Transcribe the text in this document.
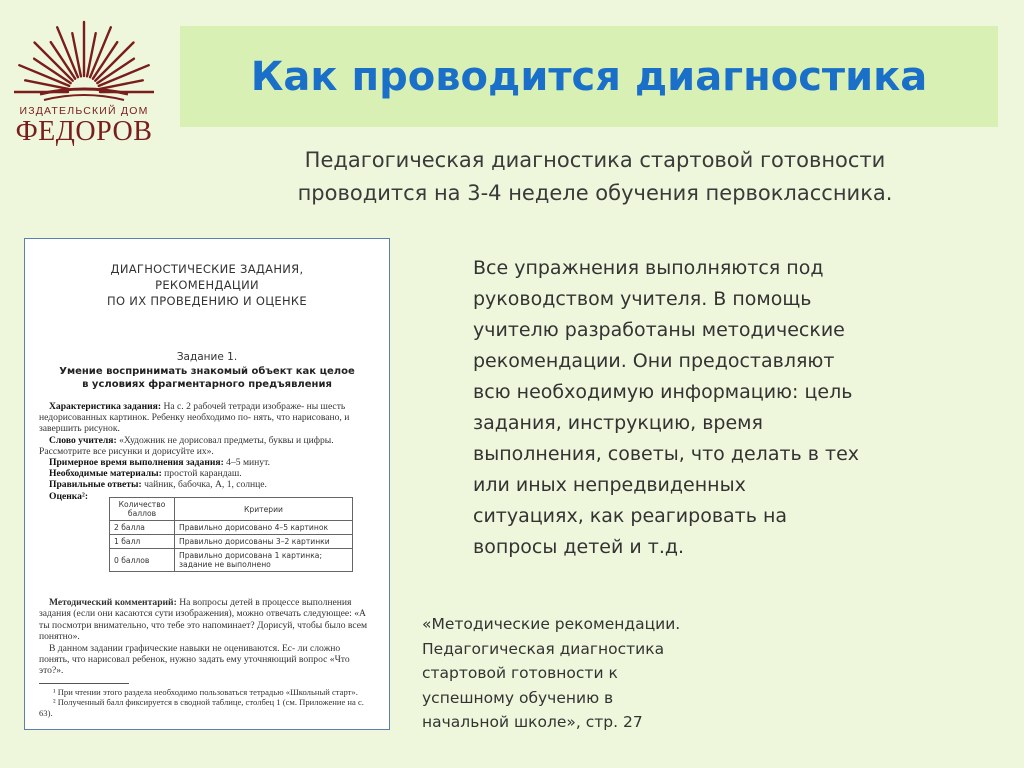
ИЗДАТЕЛЬСКИЙ ДОМ
ФЕДОРОВ
Как проводится диагностика
Педагогическая диагностика стартовой готовности
проводится на 3-4 неделе обучения первоклассника.
ДИАГНОСТИЧЕСКИЕ ЗАДАНИЯ,
РЕКОМЕНДАЦИИ
ПО ИХ ПРОВЕДЕНИЮ И ОЦЕНКЕ
Задание 1.
Умение воспринимать знакомый объект как целое
в условиях фрагментарного предъявления

Характеристика задания: На с. 2 рабочей тетради изображе- ны шесть недорисованных картинок. Ребенку необходимо по- нять, что нарисовано, и завершить рисунок.

Слово учителя: «Художник не дорисовал предметы, буквы и цифры. Рассмотрите все рисунки и дорисуйте их».

Примерное время выполнения задания: 4–5 минут.

Необходимые материалы: простой карандаш.

Правильные ответы: чайник, бабочка, А, 1, солнце.

Оценка²:

Количество баллов	Критерии
2 балла	Правильно дорисовано 4–5 картинок
1 балл	Правильно дорисованы 3–2 картинки
0 баллов	Правильно дорисована 1 картинка; задание не выполнено

Методический комментарий: На вопросы детей в процессе выполнения задания (если они касаются сути изображения), можно отвечать следующее: «А ты посмотри внимательно, что тебе это напоминает? Дорисуй, чтобы было всем понятно».

В данном задании графические навыки не оцениваются. Ес- ли сложно понять, что нарисовал ребенок, нужно задать ему уточняющий вопрос «Что это?».

¹ При чтении этого раздела необходимо пользоваться тетрадью «Школьный старт».

² Полученный балл фиксируется в сводной таблице, столбец 1 (см. Приложение на с. 63).

Все упражнения выполняются под
руководством учителя. В помощь
учителю разработаны методические
рекомендации. Они предоставляют
всю необходимую информацию: цель
задания, инструкцию, время
выполнения, советы, что делать в тех
или иных непредвиденных
ситуациях, как реагировать на
вопросы детей и т.д.
«Методические рекомендации.
Педагогическая диагностика
стартовой готовности к
успешному обучению в
начальной школе», стр. 27
